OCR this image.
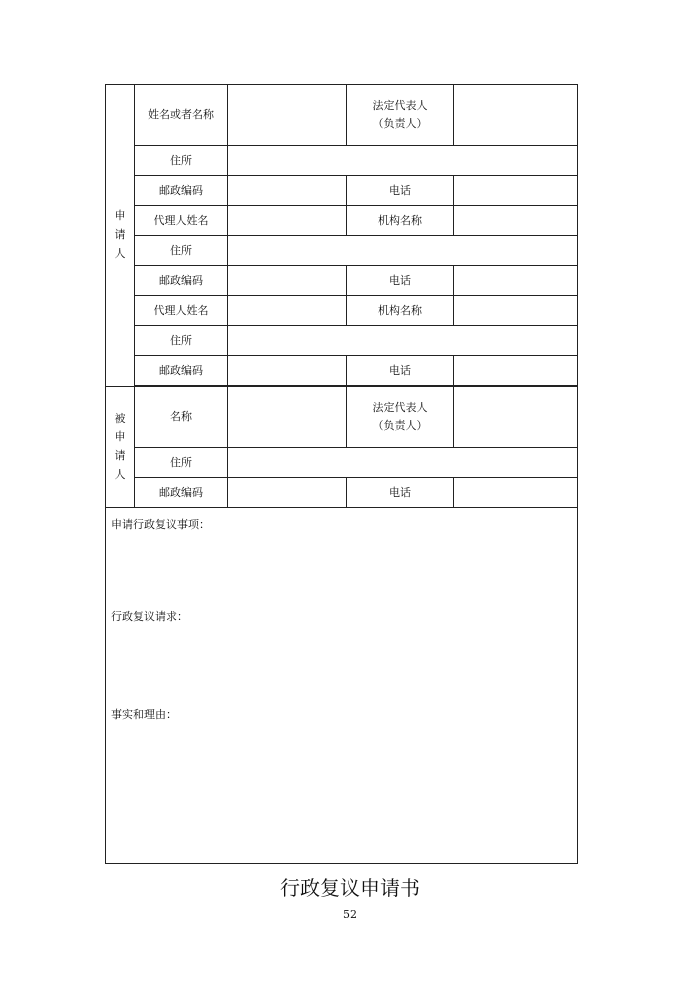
申
请
人	姓名或者名称		法定代表人
（负责人）	

	住所			
	邮政编码		电话	
	代理人姓名		机构名称	
	住所			
	邮政编码		电话	
	代理人姓名		机构名称	
	住所			
	邮政编码		电话	

被
申
请
人	名称		法定代表人
（负责人）	

	住所			
	邮政编码		电话	

申请行政复议事项：
行政复议请求：
事实和理由：				
行政复议申请书
52
